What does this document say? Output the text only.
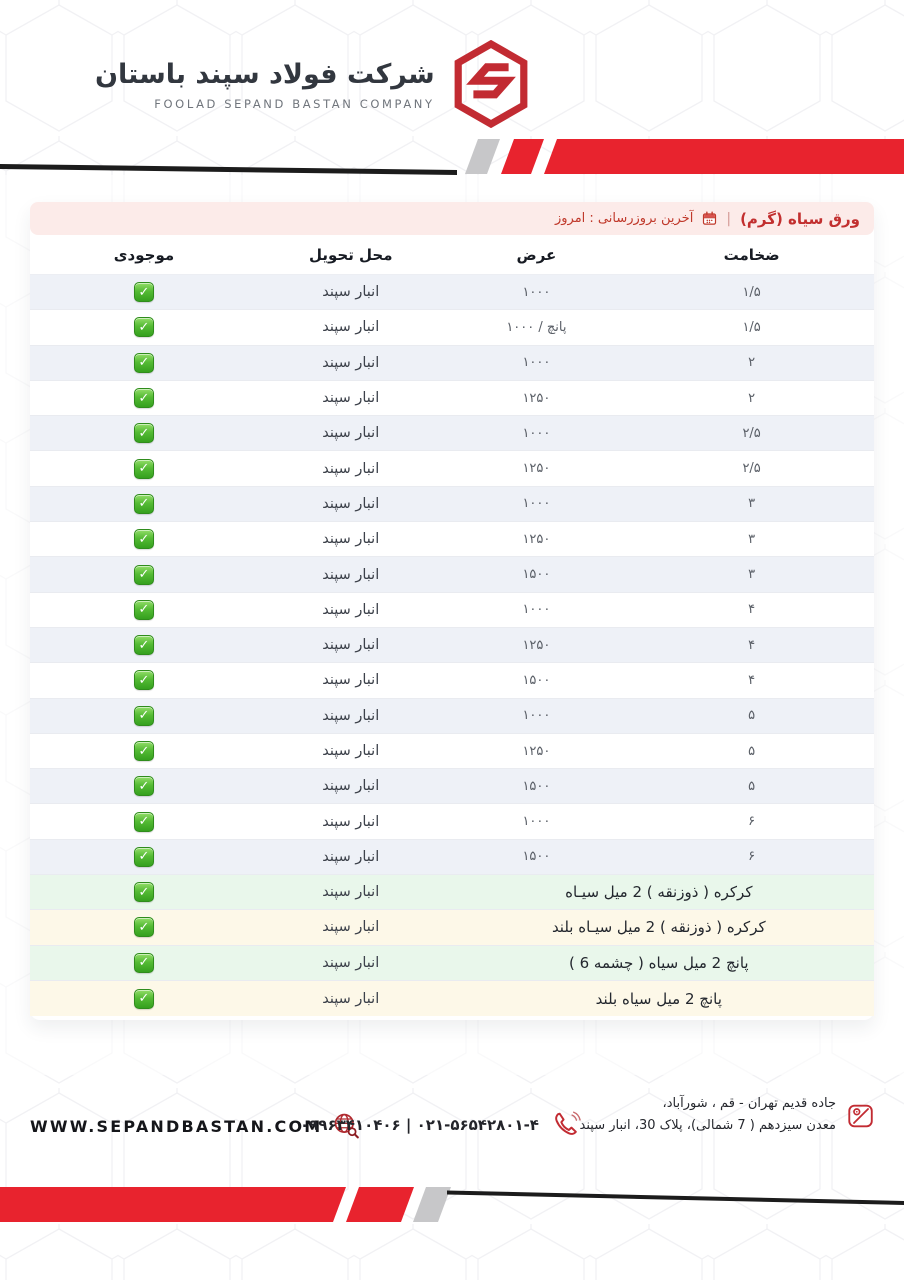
شرکت فولاد سپند باستان
FOOLAD SEPAND BASTAN COMPANY
ورق سیاه (گرم)
|
آخرین بروزرسانی : امروز
ضخامت
عرض
محل تحویل
موجودی
۱/۵
۱۰۰۰
انبار سپند
✓
۱/۵
پانچ / ۱۰۰۰
انبار سپند
✓
۲
۱۰۰۰
انبار سپند
✓
۲
۱۲۵۰
انبار سپند
✓
۲/۵
۱۰۰۰
انبار سپند
✓
۲/۵
۱۲۵۰
انبار سپند
✓
۳
۱۰۰۰
انبار سپند
✓
۳
۱۲۵۰
انبار سپند
✓
۳
۱۵۰۰
انبار سپند
✓
۴
۱۰۰۰
انبار سپند
✓
۴
۱۲۵۰
انبار سپند
✓
۴
۱۵۰۰
انبار سپند
✓
۵
۱۰۰۰
انبار سپند
✓
۵
۱۲۵۰
انبار سپند
✓
۵
۱۵۰۰
انبار سپند
✓
۶
۱۰۰۰
انبار سپند
✓
۶
۱۵۰۰
انبار سپند
✓
کرکره ( ذوزنقه ) 2 میل سیـاه
انبار سپند
✓
کرکره ( ذوزنقه ) 2 میل سیـاه بلند
انبار سپند
✓
پانچ 2 میل سیاه ( چشمه 6 )
انبار سپند
✓
پانچ 2 میل سیاه بلند
انبار سپند
✓
WWW.SEPANDBASTAN.COM
۰۹۹۶۳۴۱۰۴۰۶ | ۰۲۱-۵۶۵۴۲۸۰۱-۴
جاده قدیم تهران - قم ، شورآباد،
معدن سیزدهم ( 7 شمالی)، پلاک 30، انبار سپند
